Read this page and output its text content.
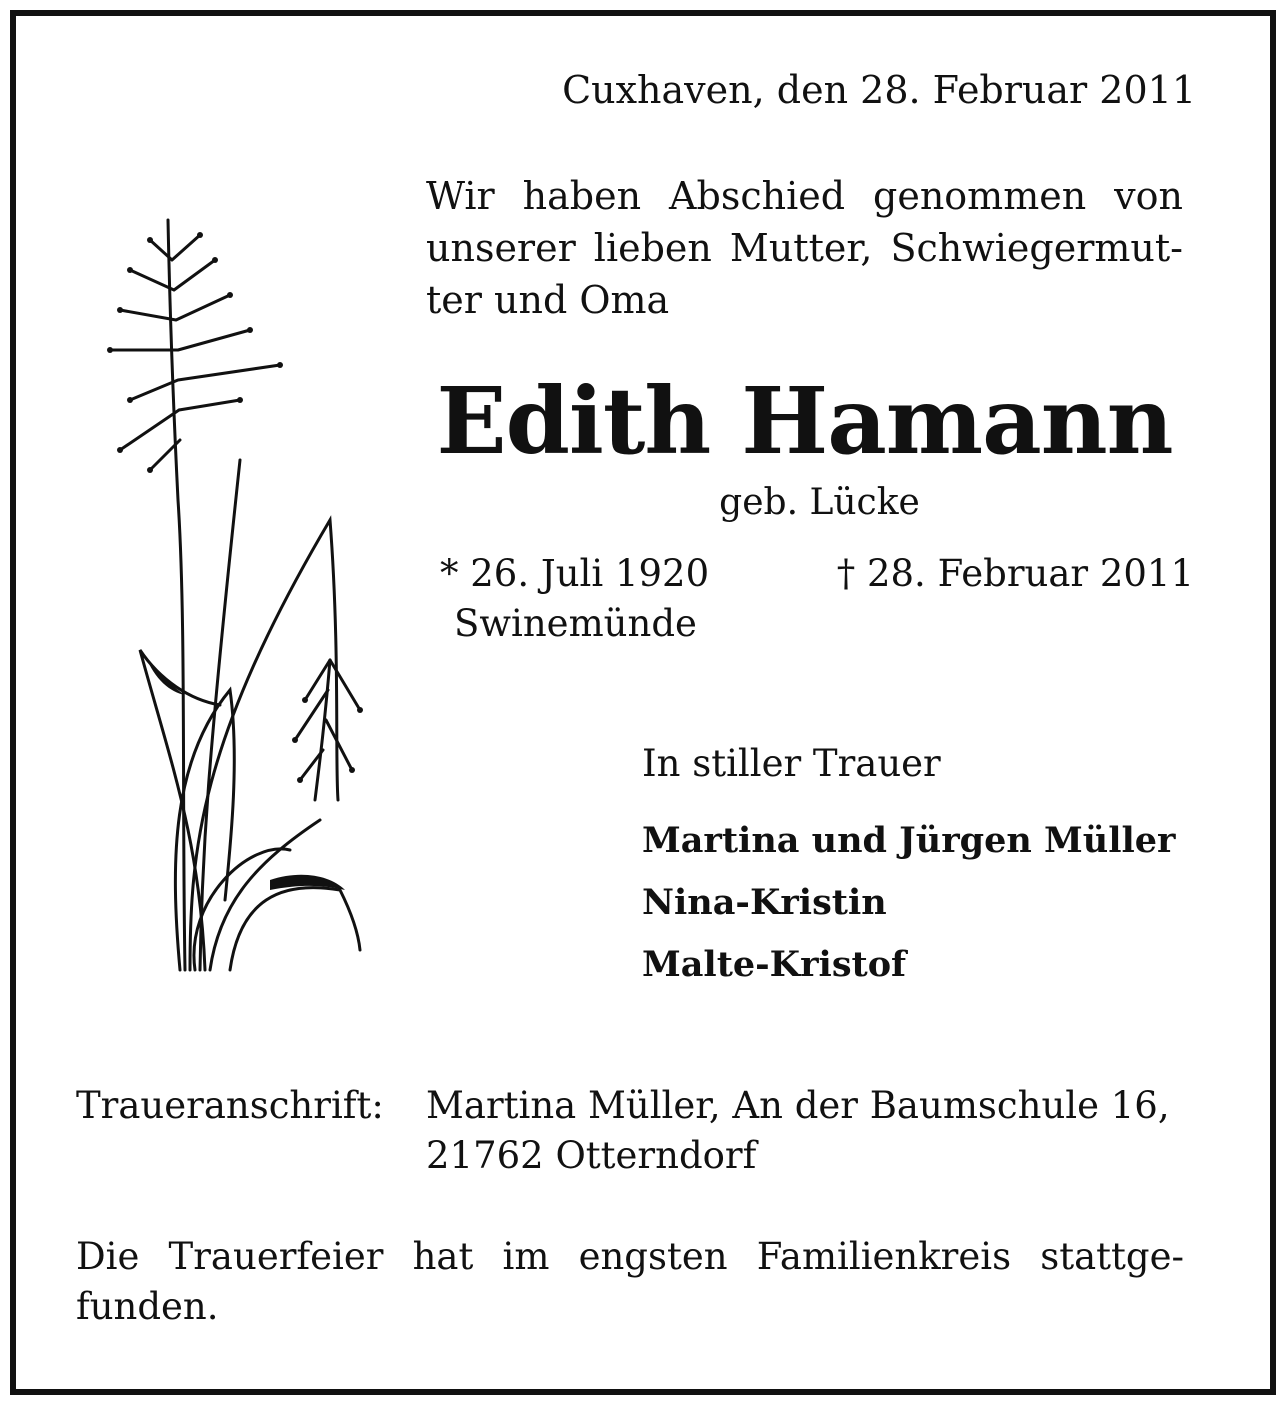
Cuxhaven, den 28. Februar 2011

Wir haben Abschied genommen von
unserer lieben Mutter, Schwiegermut-
ter und Oma
Edith Hamann

geb. Lücke

* 26. Juli 1920

Swinemünde

† 28. Februar 2011

In stiller Trauer

Martina und Jürgen Müller
Nina-Kristin
Malte-Kristof

Traueranschrift: Martina Müller, An der Baumschule 16,

21762 Otterndorf

Die Trauerfeier hat im engsten Familienkreis stattge-
funden.
